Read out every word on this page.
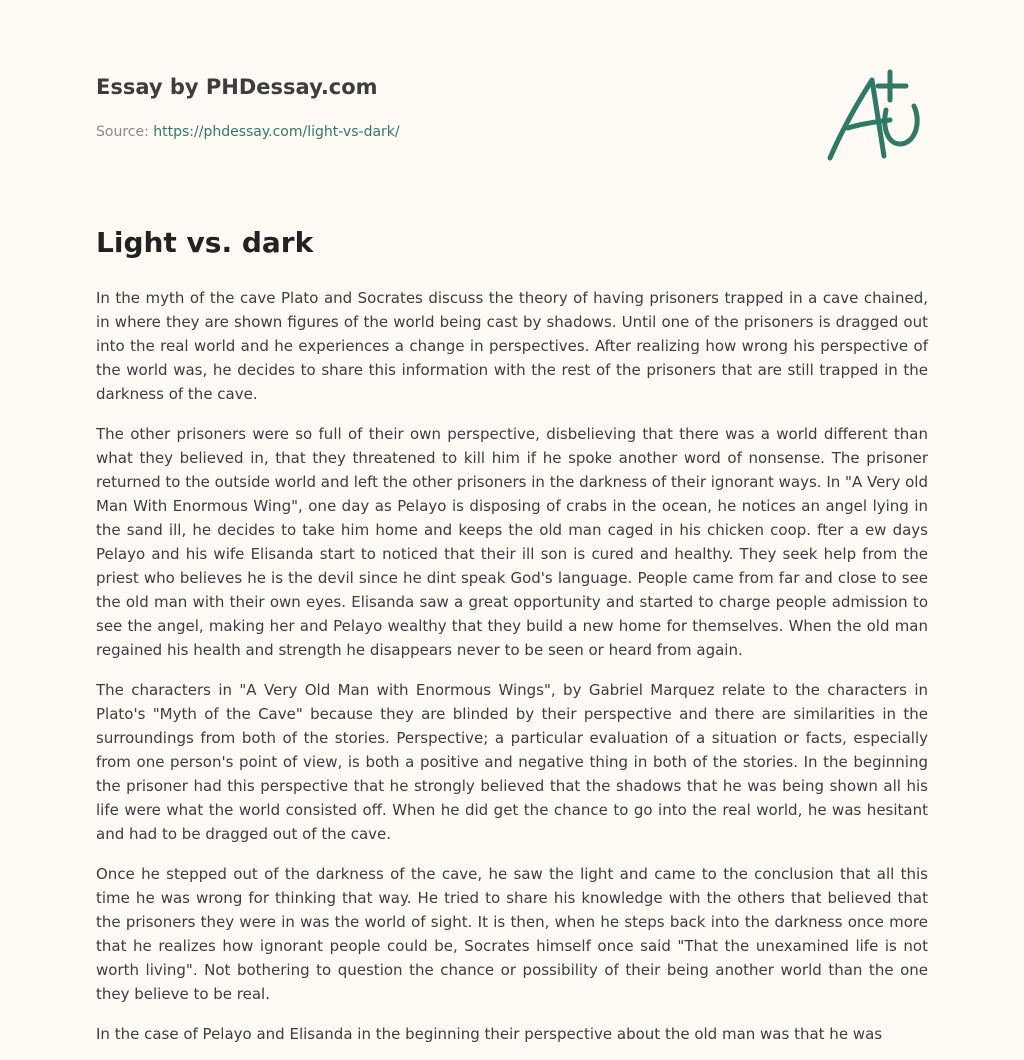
Essay by PHDessay.com
Source: https://phdessay.com/light-vs-dark/
Light vs. dark

In the myth of the cave Plato and Socrates discuss the theory of having prisoners trapped in a cave chained, in where they are shown figures of the world being cast by shadows. Until one of the prisoners is dragged out into the real world and he experiences a change in perspectives. After realizing how wrong his perspective of the world was, he decides to share this information with the rest of the prisoners that are still trapped in the darkness of the cave.

The other prisoners were so full of their own perspective, disbelieving that there was a world different than what they believed in, that they threatened to kill him if he spoke another word of nonsense. The prisoner returned to the outside world and left the other prisoners in the darkness of their ignorant ways. In "A Very old Man With Enormous Wing", one day as Pelayo is disposing of crabs in the ocean, he notices an angel lying in the sand ill, he decides to take him home and keeps the old man caged in his chicken coop. fter a ew days Pelayo and his wife Elisanda start to noticed that their ill son is cured and healthy. They seek help from the priest who believes he is the devil since he dint speak God's language. People came from far and close to see the old man with their own eyes. Elisanda saw a great opportunity and started to charge people admission to see the angel, making her and Pelayo wealthy that they build a new home for themselves. When the old man regained his health and strength he disappears never to be seen or heard from again.

The characters in "A Very Old Man with Enormous Wings", by Gabriel Marquez relate to the characters in Plato's "Myth of the Cave" because they are blinded by their perspective and there are similarities in the surroundings from both of the stories. Perspective; a particular evaluation of a situation or facts, especially from one person's point of view, is both a positive and negative thing in both of the stories. In the beginning the prisoner had this perspective that he strongly believed that the shadows that he was being shown all his life were what the world consisted off. When he did get the chance to go into the real world, he was hesitant and had to be dragged out of the cave.

Once he stepped out of the darkness of the cave, he saw the light and came to the conclusion that all this time he was wrong for thinking that way. He tried to share his knowledge with the others that believed that the prisoners they were in was the world of sight. It is then, when he steps back into the darkness once more that he realizes how ignorant people could be, Socrates himself once said "That the unexamined life is not worth living". Not bothering to question the chance or possibility of their being another world than the one they believe to be real.

In the case of Pelayo and Elisanda in the beginning their perspective about the old man was that he was
